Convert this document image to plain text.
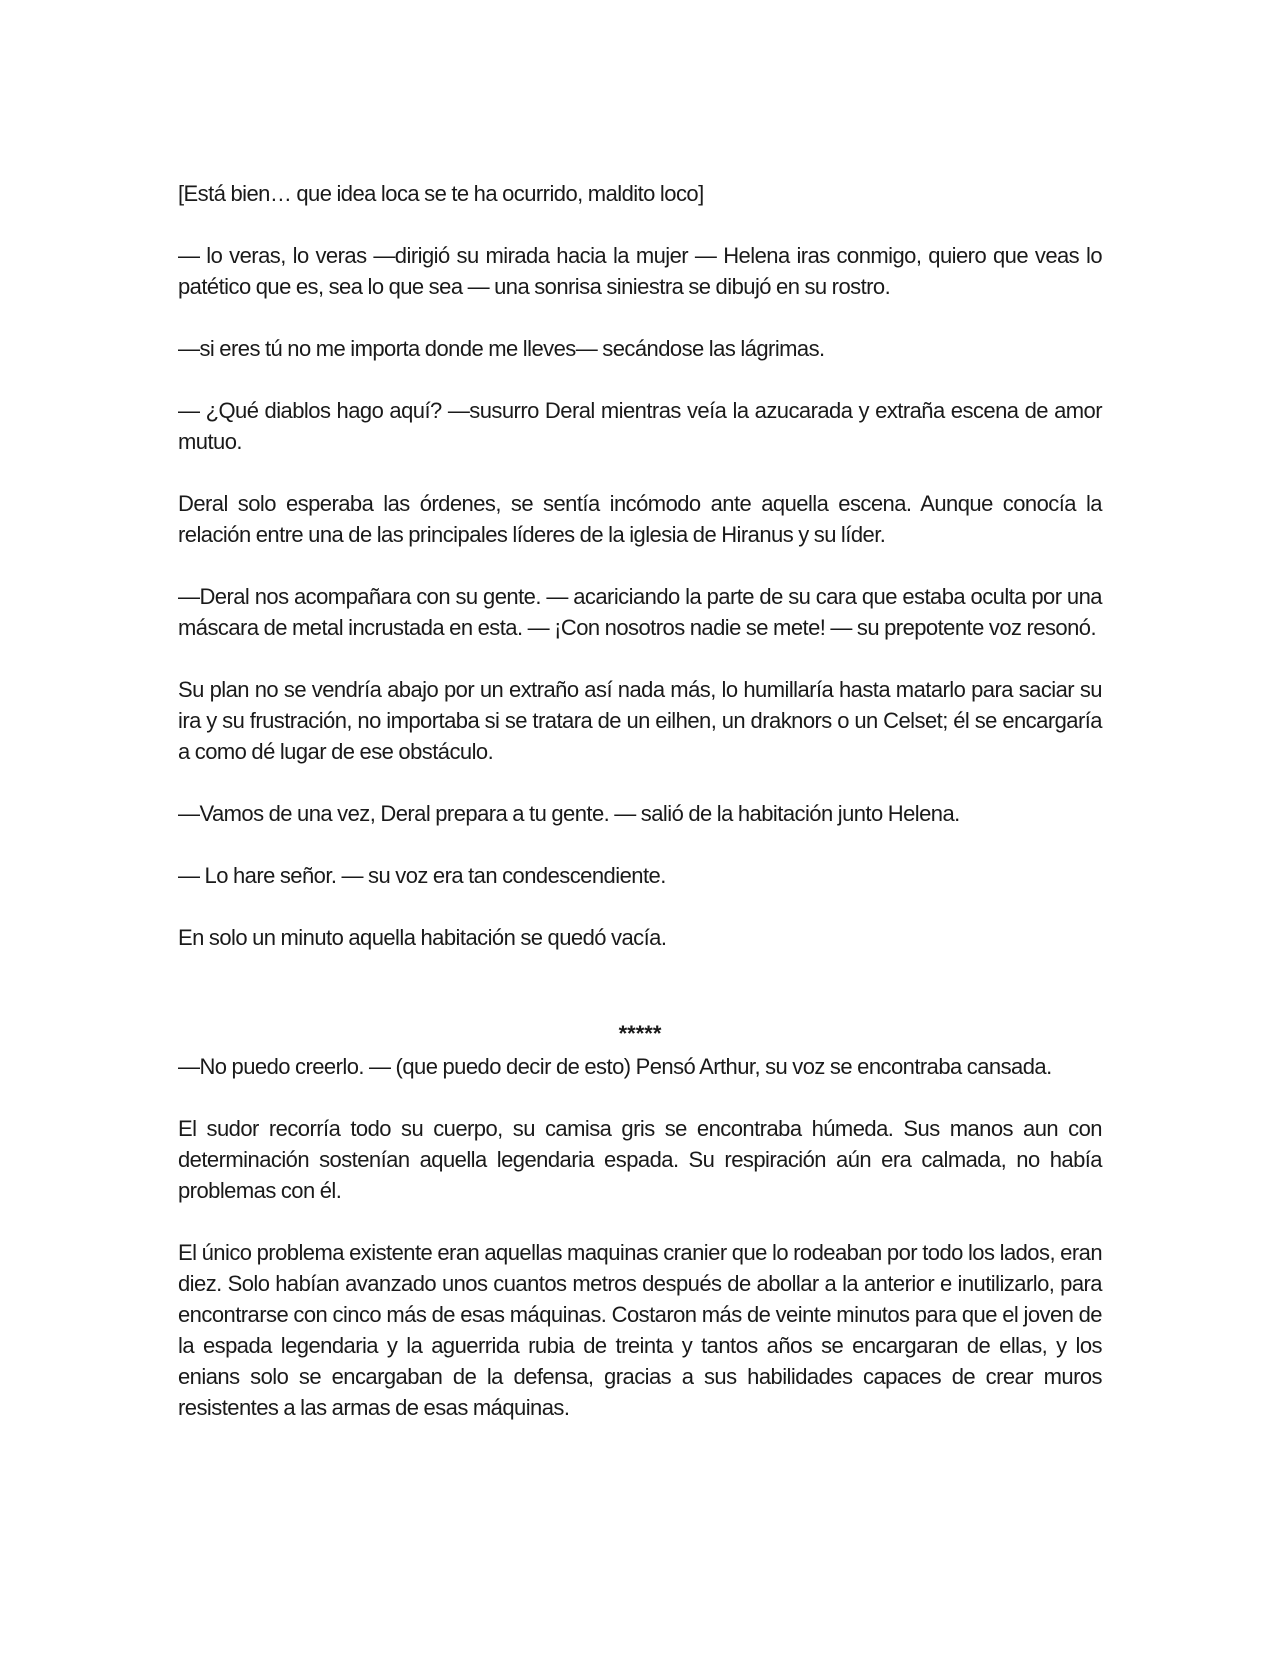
[Está bien… que idea loca se te ha ocurrido, maldito loco]

— lo veras, lo veras —dirigió su mirada hacia la mujer — Helena iras conmigo, quiero que veas lo patético que es, sea lo que sea — una sonrisa siniestra se dibujó en su rostro.

—si eres tú no me importa donde me lleves— secándose las lágrimas.

— ¿Qué diablos hago aquí? —susurro Deral mientras veía la azucarada y extraña escena de amor mutuo.

Deral solo esperaba las órdenes, se sentía incómodo ante aquella escena. Aunque conocía la relación entre una de las principales líderes de la iglesia de Hiranus y su líder.

—Deral nos acompañara con su gente. — acariciando la parte de su cara que estaba oculta por una máscara de metal incrustada en esta. — ¡Con nosotros nadie se mete! — su prepotente voz resonó.

Su plan no se vendría abajo por un extraño así nada más, lo humillaría hasta matarlo para saciar su ira y su frustración, no importaba si se tratara de un eilhen, un draknors o un Celset; él se encargaría a como dé lugar de ese obstáculo.

—Vamos de una vez, Deral prepara a tu gente. — salió de la habitación junto Helena.

— Lo hare señor. — su voz era tan condescendiente.

En solo un minuto aquella habitación se quedó vacía.

*****

—No puedo creerlo. — (que puedo decir de esto) Pensó Arthur, su voz se encontraba cansada.

El sudor recorría todo su cuerpo, su camisa gris se encontraba húmeda. Sus manos aun con determinación sostenían aquella legendaria espada. Su respiración aún era calmada, no había problemas con él.

El único problema existente eran aquellas maquinas cranier que lo rodeaban por todo los lados, eran diez. Solo habían avanzado unos cuantos metros después de abollar a la anterior e inutilizarlo, para encontrarse con cinco más de esas máquinas. Costaron más de veinte minutos para que el joven de la espada legendaria y la aguerrida rubia de treinta y tantos años se encargaran de ellas, y los enians solo se encargaban de la defensa, gracias a sus habilidades capaces de crear muros resistentes a las armas de esas máquinas.
